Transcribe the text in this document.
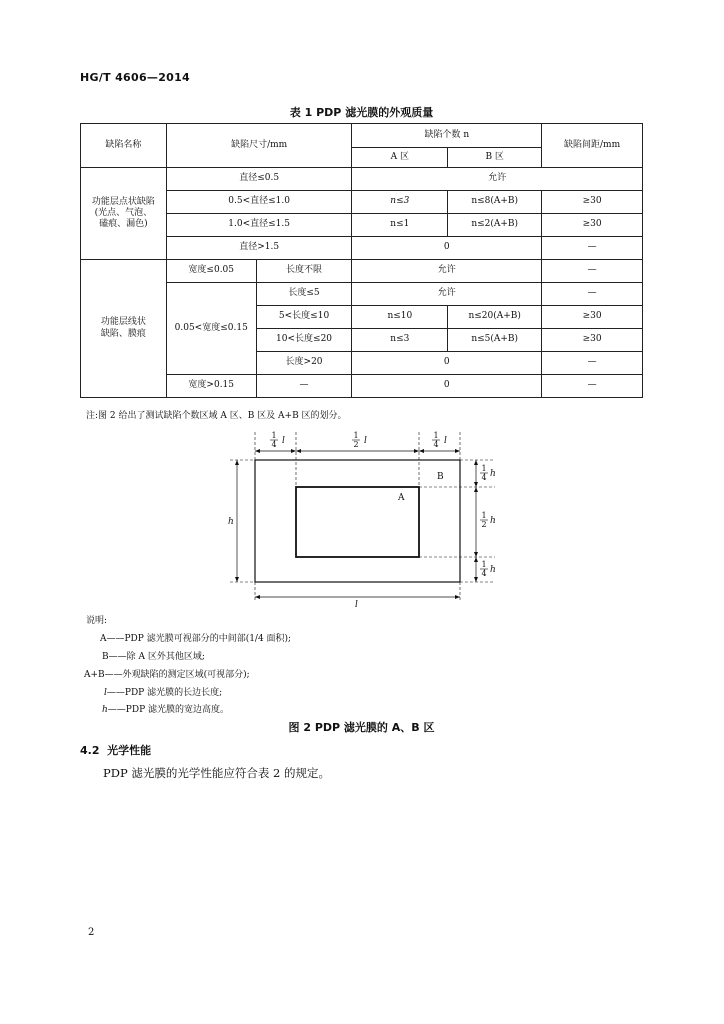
HG/T 4606—2014
表 1 PDP 滤光膜的外观质量
缺陷名称	缺陷尺寸/mm		缺陷个数 n		缺陷间距/mm
			A 区	B 区	

功能层点状缺陷
(光点、气泡、
磕痕、漏色)	直径≤0.5		允许		
	0.5<直径≤1.0		n≤3	n≤8(A+B)	≥30
	1.0<直径≤1.5		n≤1	n≤2(A+B)	≥30
	直径>1.5		0		—

功能层线状
缺陷、膜痕	宽度≤0.05	长度不限	允许		—
	0.05<宽度≤0.15	长度≤5	允许		—
		5<长度≤10	n≤10	n≤20(A+B)	≥30
		10<长度≤20	n≤3	n≤5(A+B)	≥30
		长度>20	0		—
	宽度>0.15	—	0		—
注:图 2 给出了测试缺陷个数区域 A 区、B 区及 A+B 区的划分。
1
4
1
2
1
4
l	l	l
1
4
1
2
1
4
h
h
h
h
l
B
A
说明:
A——PDP 滤光膜可视部分的中间部(1/4 面积);
B——除 A 区外其他区域;
A+B——外观缺陷的测定区域(可视部分);
l——PDP 滤光膜的长边长度;
h——PDP 滤光膜的宽边高度。
图 2 PDP 滤光膜的 A、B 区
4.2 光学性能
PDP 滤光膜的光学性能应符合表 2 的规定。
2
